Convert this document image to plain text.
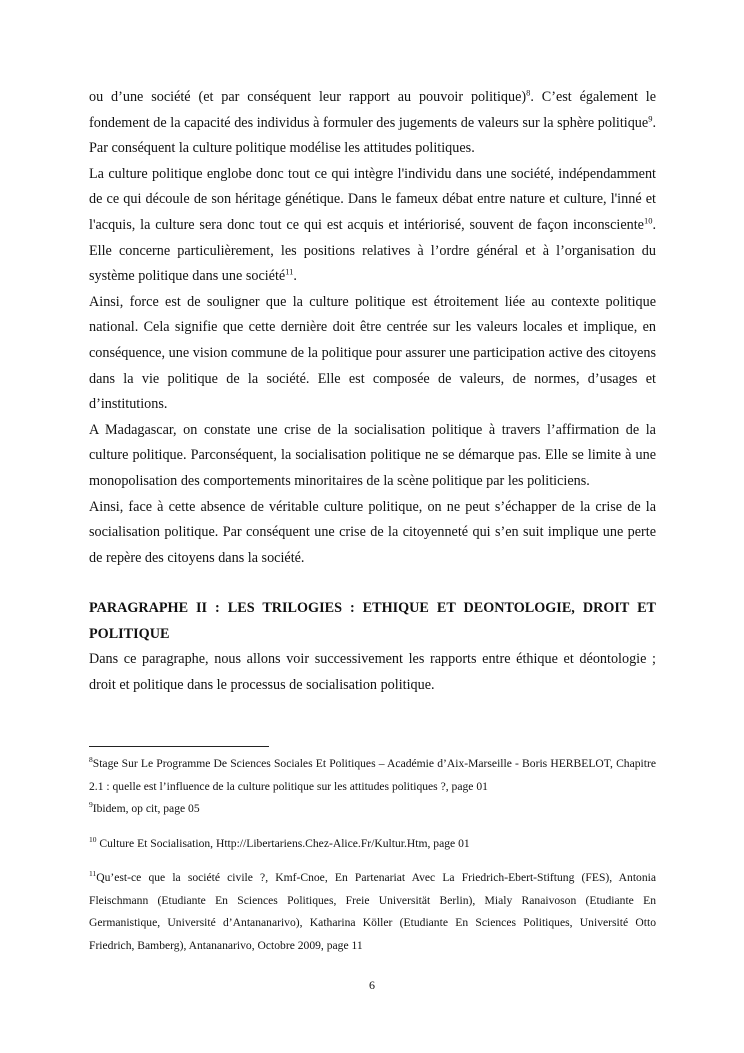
ou d’une société (et par conséquent leur rapport au pouvoir politique)$^8$. C’est également le fondement de la capacité des individus à formuler des jugements de valeurs sur la sphère politique$^9$. Par conséquent la culture politique modélise les attitudes politiques.

La culture politique englobe donc tout ce qui intègre l'individu dans une société, indépendamment de ce qui découle de son héritage génétique. Dans le fameux débat entre nature et culture, l'inné et l'acquis, la culture sera donc tout ce qui est acquis et intériorisé, souvent de façon inconsciente$^{10}$. Elle concerne particulièrement, les positions relatives à l’ordre général et à l’organisation du système politique dans une société$^{11}$.

Ainsi, force est de souligner que la culture politique est étroitement liée au contexte politique national. Cela signifie que cette dernière doit être centrée sur les valeurs locales et implique, en conséquence, une vision commune de la politique pour assurer une participation active des citoyens dans la vie politique de la société. Elle est composée de valeurs, de normes, d’usages et d’institutions.

A Madagascar, on constate une crise de la socialisation politique à travers l’affirmation de la culture politique. Parconséquent, la socialisation politique ne se démarque pas. Elle se limite à une monopolisation des comportements minoritaires de la scène politique par les politiciens.

Ainsi, face à cette absence de véritable culture politique, on ne peut s’échapper de la crise de la socialisation politique. Par conséquent une crise de la citoyenneté qui s’en suit implique une perte de repère des citoyens dans la société.

PARAGRAPHE II : LES TRILOGIES : ETHIQUE ET DEONTOLOGIE, DROIT ET POLITIQUE

Dans ce paragraphe, nous allons voir successivement les rapports entre éthique et déontologie ; droit et politique dans le processus de socialisation politique.

$^8$Stage Sur Le Programme De Sciences Sociales Et Politiques – Académie d’Aix-Marseille - Boris HERBELOT, Chapitre 2.1 : quelle est l’influence de la culture politique sur les attitudes politiques ?, page 01

$^9$Ibidem, op cit, page 05

$^{10}$ Culture Et Socialisation, Http://Libertariens.Chez-Alice.Fr/Kultur.Htm, page 01

$^{11}$Qu’est-ce que la société civile ?, Kmf-Cnoe, En Partenariat Avec La Friedrich-Ebert-Stiftung (FES), Antonia Fleischmann (Etudiante En Sciences Politiques, Freie Universität Berlin), Mialy Ranaivoson (Etudiante En Germanistique, Université d’Antananarivo), Katharina Köller (Etudiante En Sciences Politiques, Université Otto Friedrich, Bamberg), Antananarivo, Octobre 2009, page 11

6
